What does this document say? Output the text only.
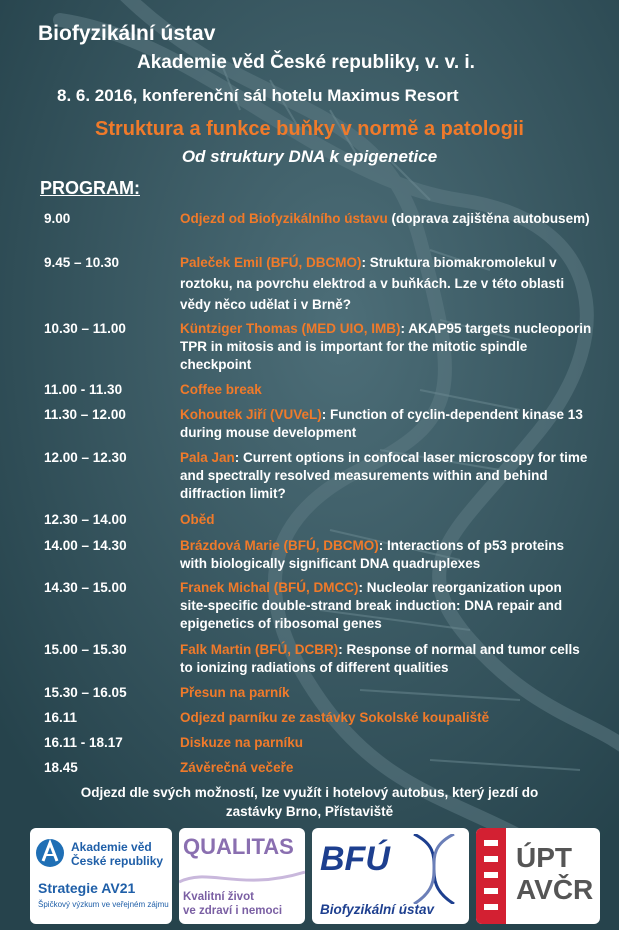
Biofyzikální ústav
Akademie věd České republiky, v. v. i.
8. 6. 2016, konferenční sál hotelu Maximus Resort
Struktura a funkce buňky v normě a patologii
Od struktury DNA k epigenetice
PROGRAM:
9.00	Odjezd od Biofyzikálního ústavu (doprava zajištěna autobusem)
9.45 – 10.30	Paleček Emil (BFÚ, DBCMO): Struktura biomakromolekul v roztoku, na povrchu elektrod a v buňkách. Lze v této oblasti vědy něco udělat i v Brně?
10.30 – 11.00	Küntziger Thomas (MED UIO, IMB): AKAP95 targets nucleoporin TPR in mitosis and is important for the mitotic spindle checkpoint
11.00 - 11.30	Coffee break
11.30 – 12.00	Kohoutek Jiří (VUVeL): Function of cyclin-dependent kinase 13 during mouse development
12.00 – 12.30	Pala Jan: Current options in confocal laser microscopy for time and spectrally resolved measurements within and behind diffraction limit?
12.30 – 14.00	Oběd
14.00 – 14.30	Brázdová Marie (BFÚ, DBCMO): Interactions of p53 proteins with biologically significant DNA quadruplexes
14.30 – 15.00	Franek Michal (BFÚ, DMCC): Nucleolar reorganization upon site-specific double-strand break induction: DNA repair and epigenetics of ribosomal genes
15.00 – 15.30	Falk Martin (BFÚ, DCBR): Response of normal and tumor cells to ionizing radiations of different qualities
15.30 – 16.05	Přesun na parník
16.11	Odjezd parníku ze zastávky Sokolské koupaliště
16.11 - 18.17	Diskuze na parníku
18.45	Závěrečná večeře
Odjezd dle svých možností, lze využít i hotelový autobus, který jezdí do
zastávky Brno, Přístaviště
Akademie věd
České republiky
Strategie AV21
Špičkový výzkum ve veřejném zájmu
QUALITAS
Kvalitní život
ve zdraví i nemoci
BFÚ
Biofyzikální ústav
ÚPT
AVČR
